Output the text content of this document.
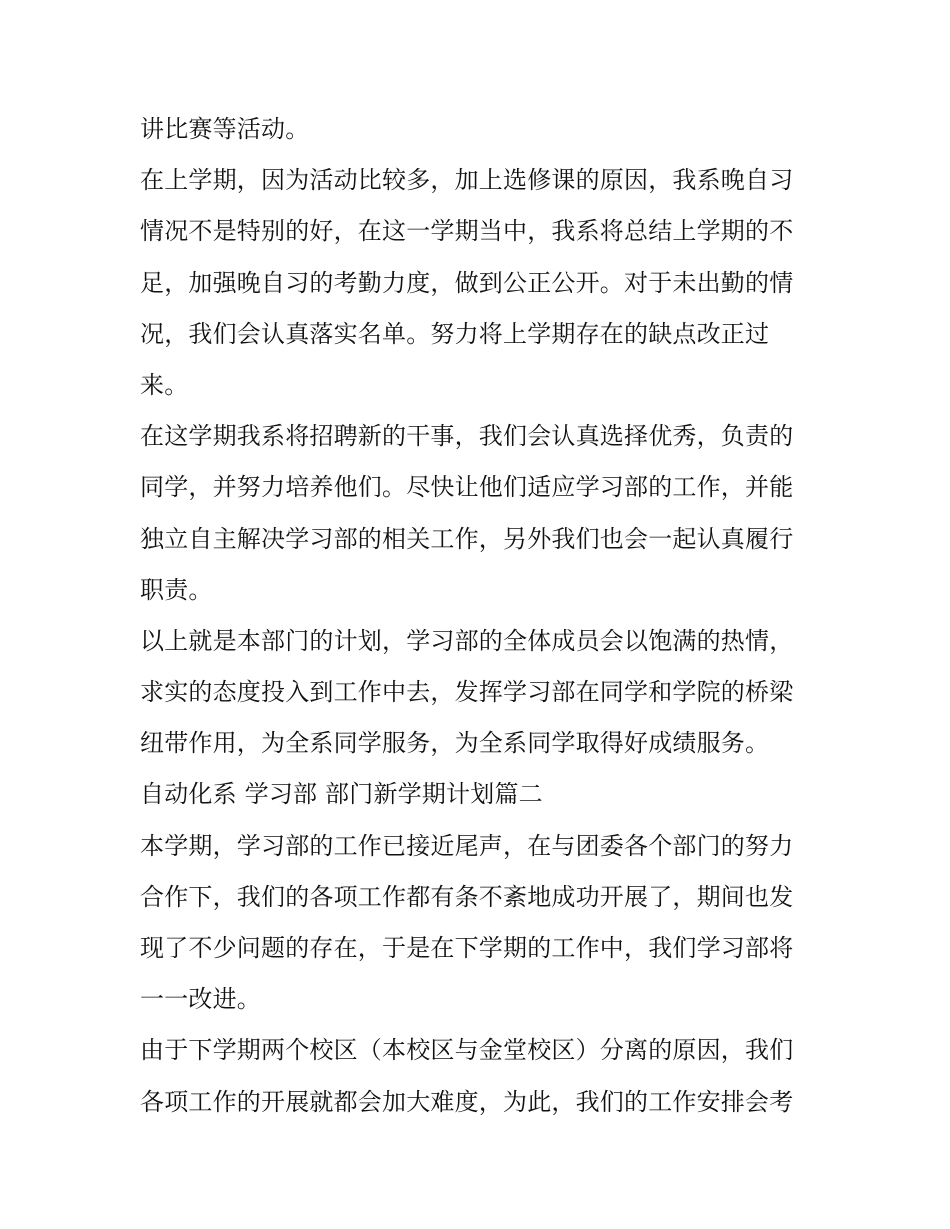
讲比赛等活动。
在上学期，因为活动比较多，加上选修课的原因，我系晚自习
情况不是特别的好，在这一学期当中，我系将总结上学期的不
足，加强晚自习的考勤力度，做到公正公开。对于未出勤的情
况，我们会认真落实名单。努力将上学期存在的缺点改正过
来。
在这学期我系将招聘新的干事，我们会认真选择优秀，负责的
同学，并努力培养他们。尽快让他们适应学习部的工作，并能
独立自主解决学习部的相关工作，另外我们也会一起认真履行
职责。
以上就是本部门的计划，学习部的全体成员会以饱满的热情，
求实的态度投入到工作中去，发挥学习部在同学和学院的桥梁
纽带作用，为全系同学服务，为全系同学取得好成绩服务。
自动化系 学习部 部门新学期计划篇二
本学期，学习部的工作已接近尾声，在与团委各个部门的努力
合作下，我们的各项工作都有条不紊地成功开展了，期间也发
现了不少问题的存在，于是在下学期的工作中，我们学习部将
一一改进。
由于下学期两个校区（本校区与金堂校区）分离的原因，我们
各项工作的开展就都会加大难度，为此，我们的工作安排会考
